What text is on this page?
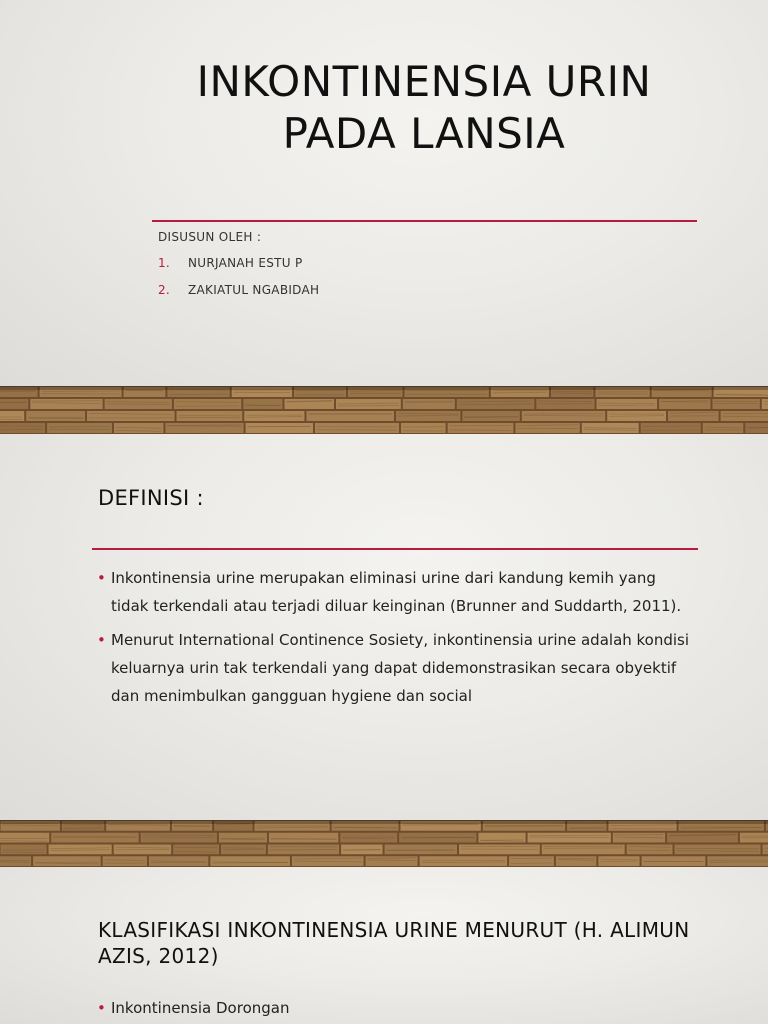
INKONTINENSIA URIN PADA LANSIA
DISUSUN OLEH :
1. NURJANAH ESTU P
2. ZAKIATUL NGABIDAH
DEFINISI :
• Inkontinensia urine merupakan eliminasi urine dari kandung kemih yang tidak terkendali atau terjadi diluar keinginan (Brunner and Suddarth, 2011).
• Menurut International Continence Sosiety, inkontinensia urine adalah kondisi keluarnya urin tak terkendali yang dapat didemonstrasikan secara obyektif dan menimbulkan gangguan hygiene dan social
KLASIFIKASI INKONTINENSIA URINE MENURUT (H. ALIMUN AZIS, 2012)
• Inkontinensia Dorongan
